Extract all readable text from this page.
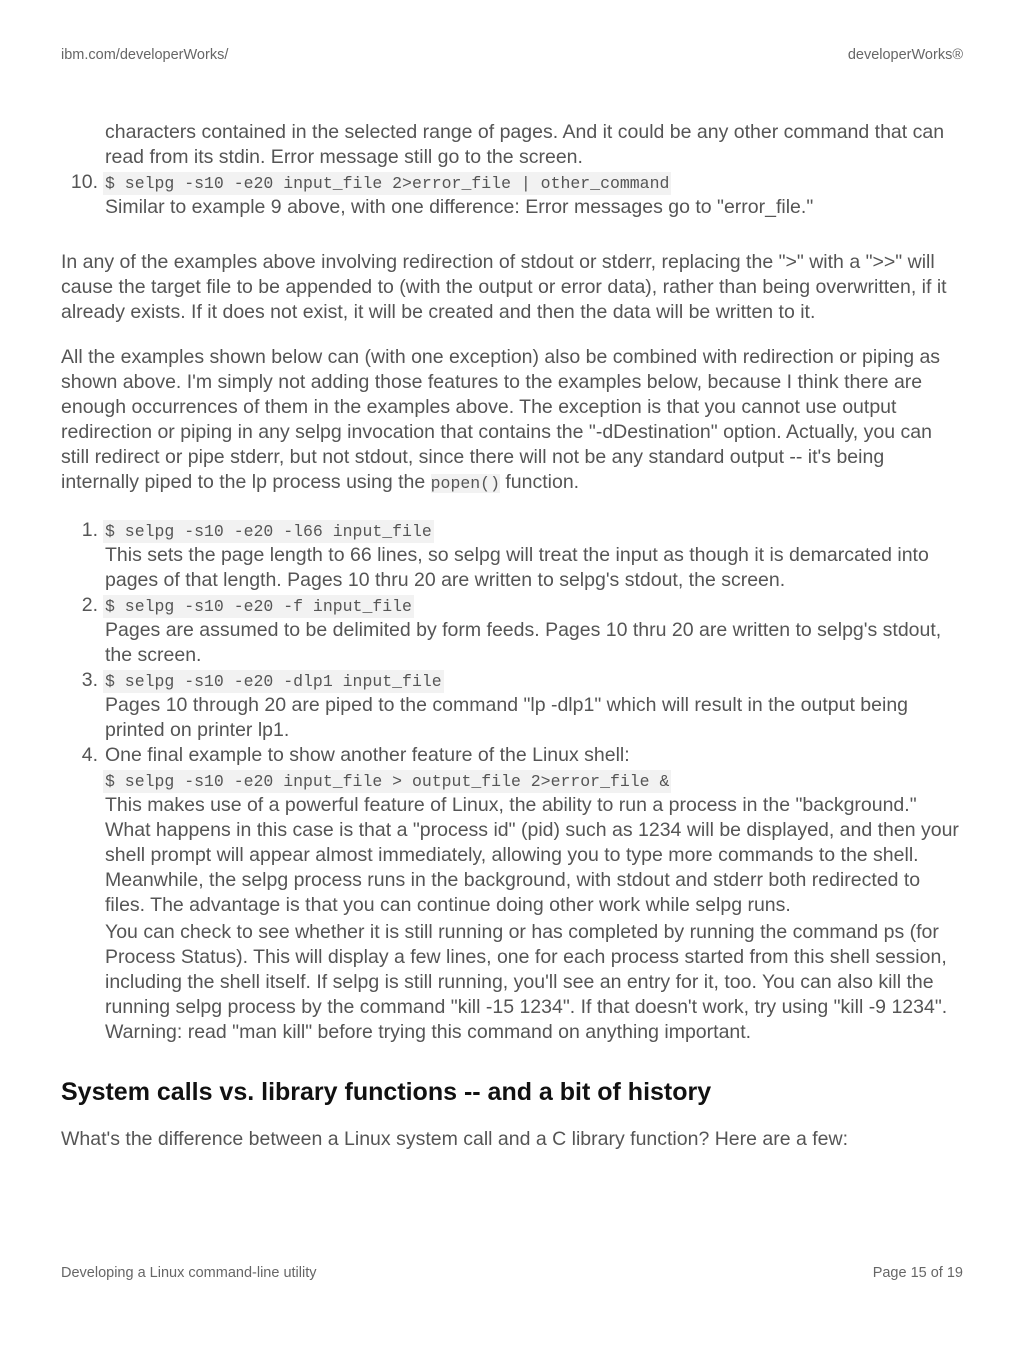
ibm.com/developerWorks/	developerWorks®

characters contained in the selected range of pages. And it could be any other command that can read from its stdin. Error message still go to the screen.

10. $ selpg -s10 -e20 input_file 2>error_file | other_command

Similar to example 9 above, with one difference: Error messages go to "error_file."

In any of the examples above involving redirection of stdout or stderr, replacing the ">" with a ">>" will cause the target file to be appended to (with the output or error data), rather than being overwritten, if it already exists. If it does not exist, it will be created and then the data will be written to it.

All the examples shown below can (with one exception) also be combined with redirection or piping as shown above. I'm simply not adding those features to the examples below, because I think there are enough occurrences of them in the examples above. The exception is that you cannot use output redirection or piping in any selpg invocation that contains the "-dDestination" option. Actually, you can still redirect or pipe stderr, but not stdout, since there will not be any standard output -- it's being internally piped to the lp process using the popen() function.

1. $ selpg -s10 -e20 -l66 input_file

This sets the page length to 66 lines, so selpg will treat the input as though it is demarcated into pages of that length. Pages 10 thru 20 are written to selpg's stdout, the screen.

2. $ selpg -s10 -e20 -f input_file

Pages are assumed to be delimited by form feeds. Pages 10 thru 20 are written to selpg's stdout, the screen.

3. $ selpg -s10 -e20 -dlp1 input_file

Pages 10 through 20 are piped to the command "lp -dlp1" which will result in the output being printed on printer lp1.

4. One final example to show another feature of the Linux shell:

$ selpg -s10 -e20 input_file > output_file 2>error_file &

This makes use of a powerful feature of Linux, the ability to run a process in the "background." What happens in this case is that a "process id" (pid) such as 1234 will be displayed, and then your shell prompt will appear almost immediately, allowing you to type more commands to the shell. Meanwhile, the selpg process runs in the background, with stdout and stderr both redirected to files. The advantage is that you can continue doing other work while selpg runs.

You can check to see whether it is still running or has completed by running the command ps (for Process Status). This will display a few lines, one for each process started from this shell session, including the shell itself. If selpg is still running, you'll see an entry for it, too. You can also kill the running selpg process by the command "kill -15 1234". If that doesn't work, try using "kill -9 1234". Warning: read "man kill" before trying this command on anything important.

System calls vs. library functions -- and a bit of history

What's the difference between a Linux system call and a C library function? Here are a few:

Developing a Linux command-line utility	Page 15 of 19
